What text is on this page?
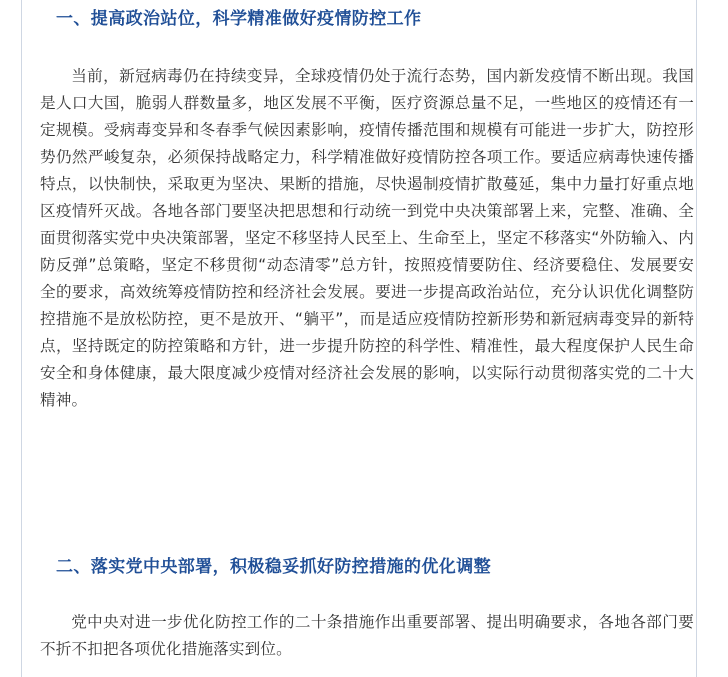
一、提高政治站位，科学精准做好疫情防控工作

当前，新冠病毒仍在持续变异，全球疫情仍处于流行态势，国内新发疫情不断出现。我国是人口大国，脆弱人群数量多，地区发展不平衡，医疗资源总量不足，一些地区的疫情还有一定规模。受病毒变异和冬春季气候因素影响，疫情传播范围和规模有可能进一步扩大，防控形势仍然严峻复杂，必须保持战略定力，科学精准做好疫情防控各项工作。要适应病毒快速传播特点，以快制快，采取更为坚决、果断的措施，尽快遏制疫情扩散蔓延，集中力量打好重点地区疫情歼灭战。各地各部门要坚决把思想和行动统一到党中央决策部署上来，完整、准确、全面贯彻落实党中央决策部署，坚定不移坚持人民至上、生命至上，坚定不移落实“外防输入、内防反弹”总策略，坚定不移贯彻“动态清零”总方针，按照疫情要防住、经济要稳住、发展要安全的要求，高效统筹疫情防控和经济社会发展。要进一步提高政治站位，充分认识优化调整防控措施不是放松防控，更不是放开、“躺平”，而是适应疫情防控新形势和新冠病毒变异的新特点，坚持既定的防控策略和方针，进一步提升防控的科学性、精准性，最大程度保护人民生命安全和身体健康，最大限度减少疫情对经济社会发展的影响，以实际行动贯彻落实党的二十大精神。

二、落实党中央部署，积极稳妥抓好防控措施的优化调整

党中央对进一步优化防控工作的二十条措施作出重要部署、提出明确要求，各地各部门要不折不扣把各项优化措施落实到位。
